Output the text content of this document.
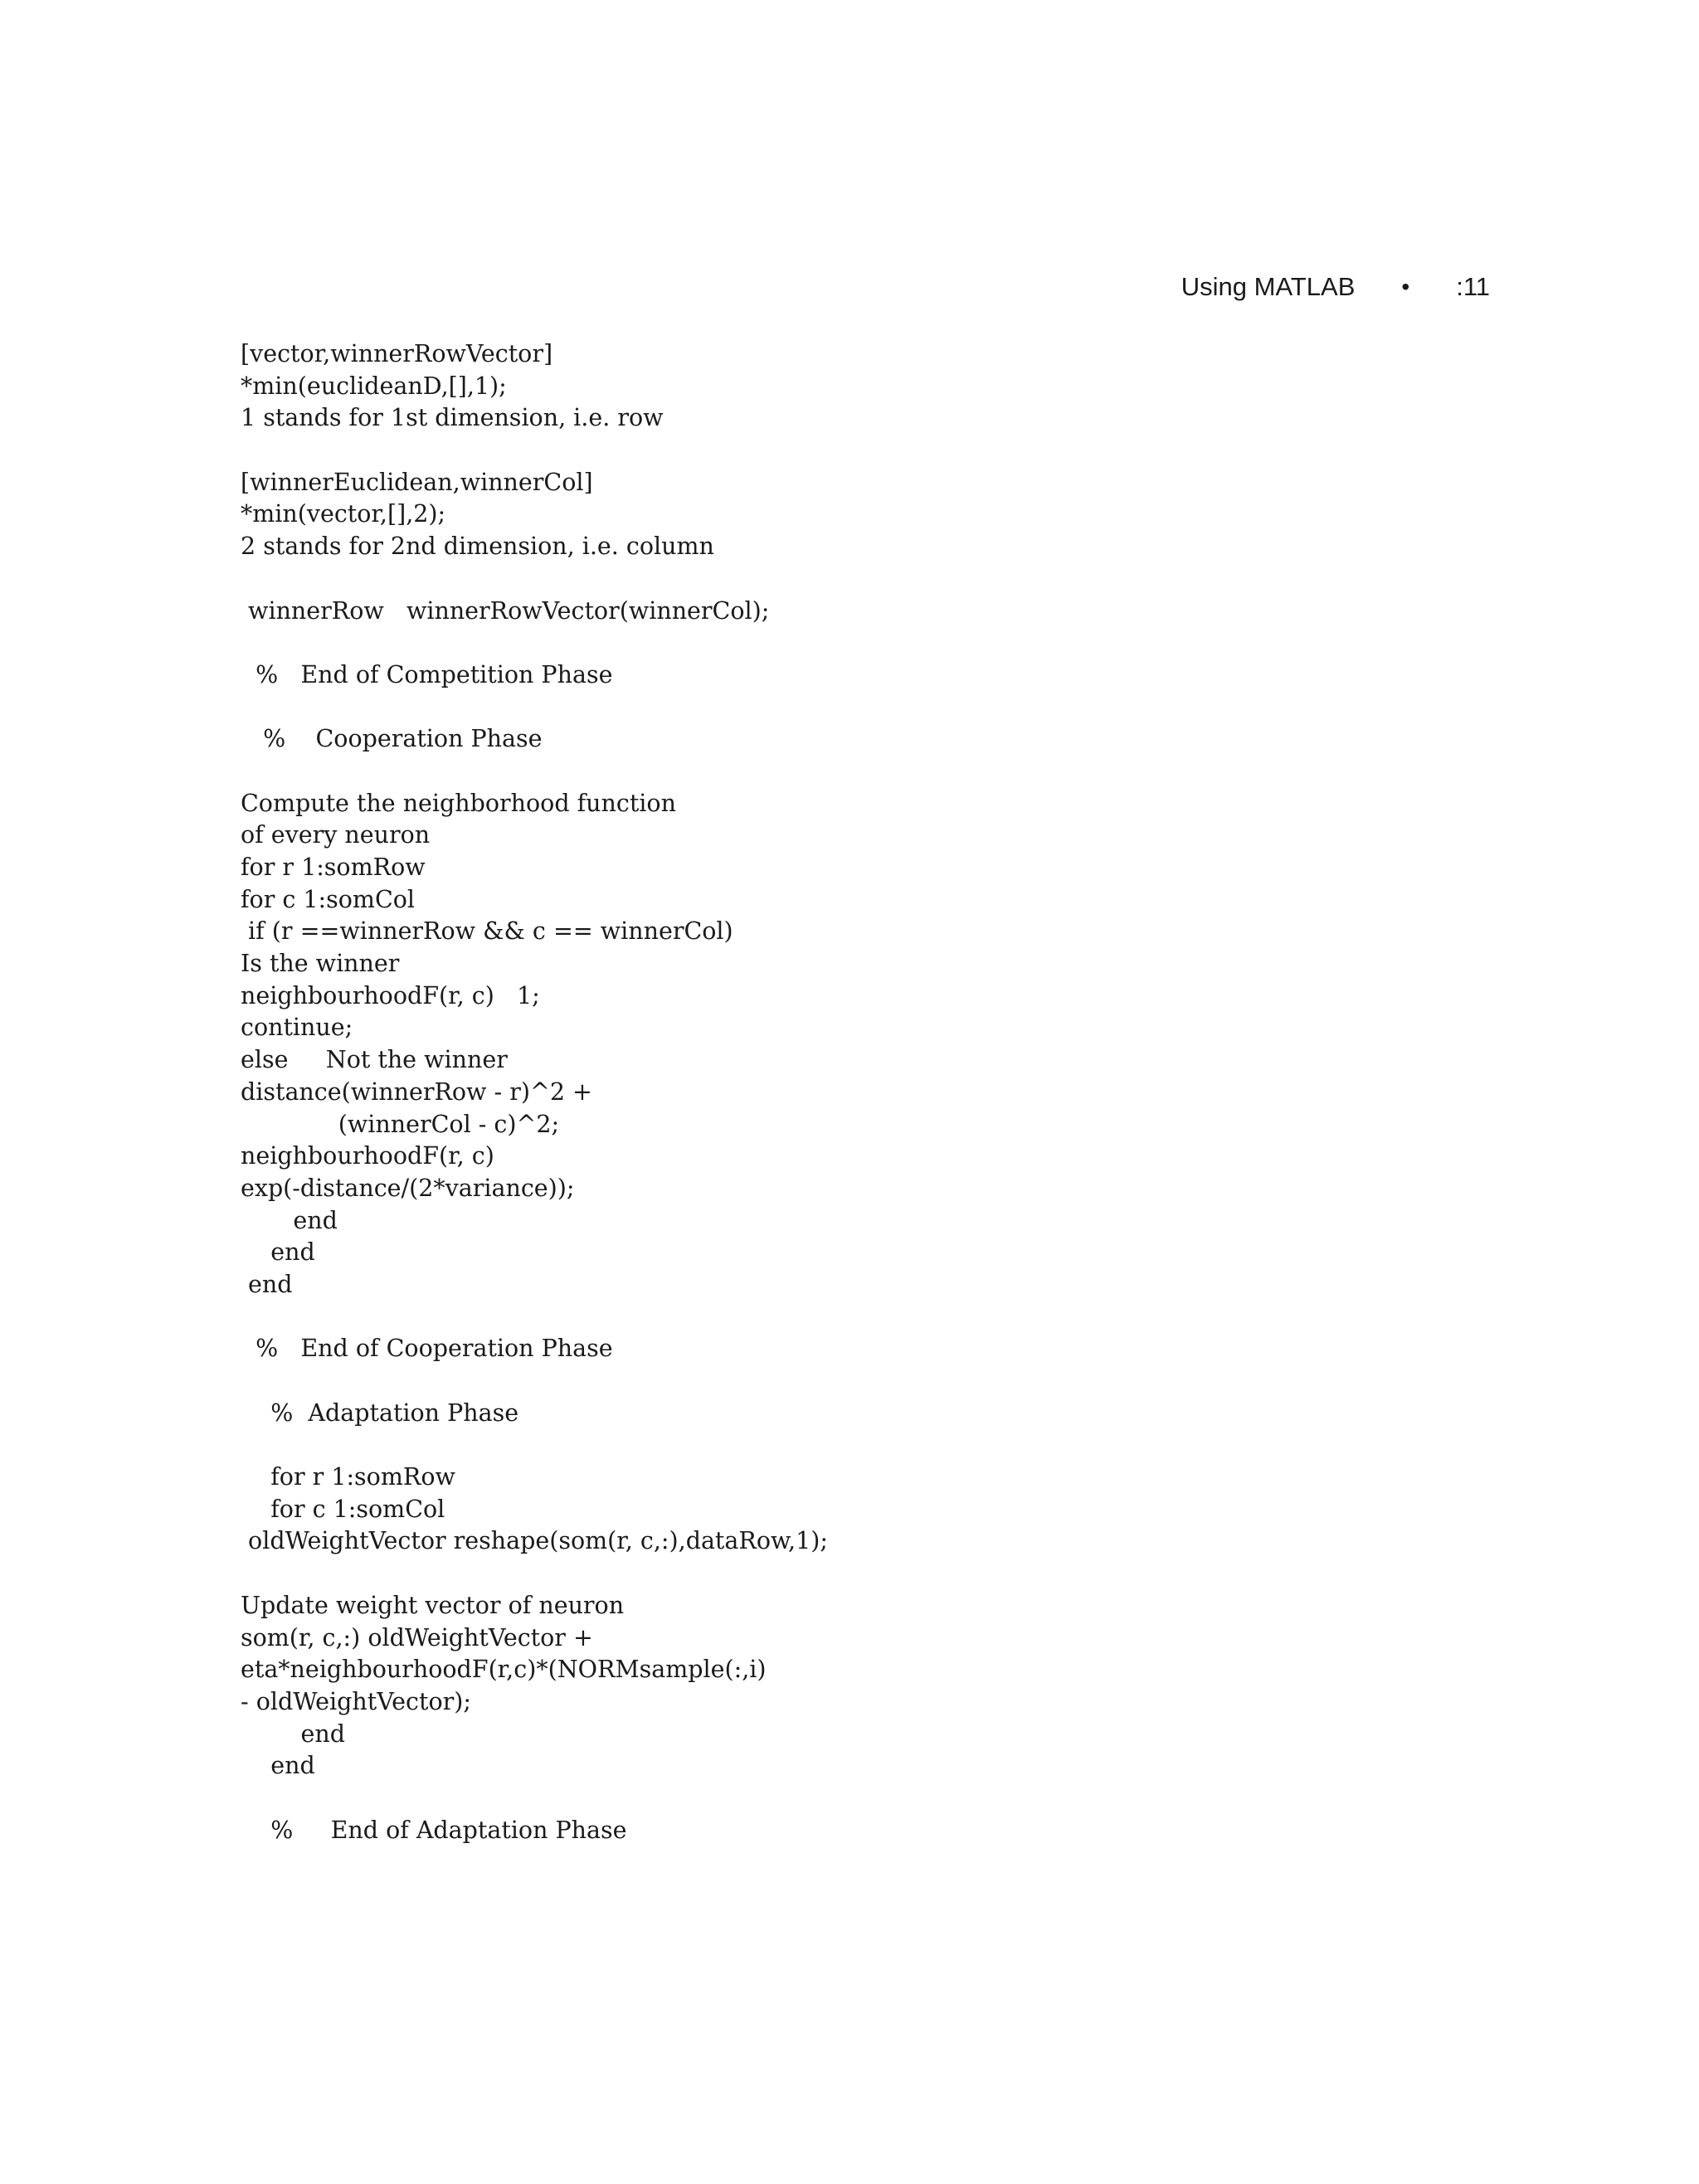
Using MATLAB • :11
[vector,winnerRowVector]
*min(euclideanD,[],1);
1 stands for 1st dimension, i.e. row
[winnerEuclidean,winnerCol]
*min(vector,[],2);
2 stands for 2nd dimension, i.e. column
winnerRow   winnerRowVector(winnerCol);
%   End of Competition Phase
%    Cooperation Phase
Compute the neighborhood function
of every neuron
for r 1:somRow
for c 1:somCol
if (r ==winnerRow && c == winnerCol)
Is the winner
neighbourhoodF(r, c)   1;
continue;
else     Not the winner
distance(winnerRow - r)^2 +
(winnerCol - c)^2;
neighbourhoodF(r, c)
exp(-distance/(2*variance));
end
end
end
%   End of Cooperation Phase
%  Adaptation Phase
for r 1:somRow
for c 1:somCol
oldWeightVector reshape(som(r, c,:),dataRow,1);
Update weight vector of neuron
som(r, c,:) oldWeightVector +
eta*neighbourhoodF(r,c)*(NORMsample(:,i)
- oldWeightVector);
end
end
%     End of Adaptation Phase
